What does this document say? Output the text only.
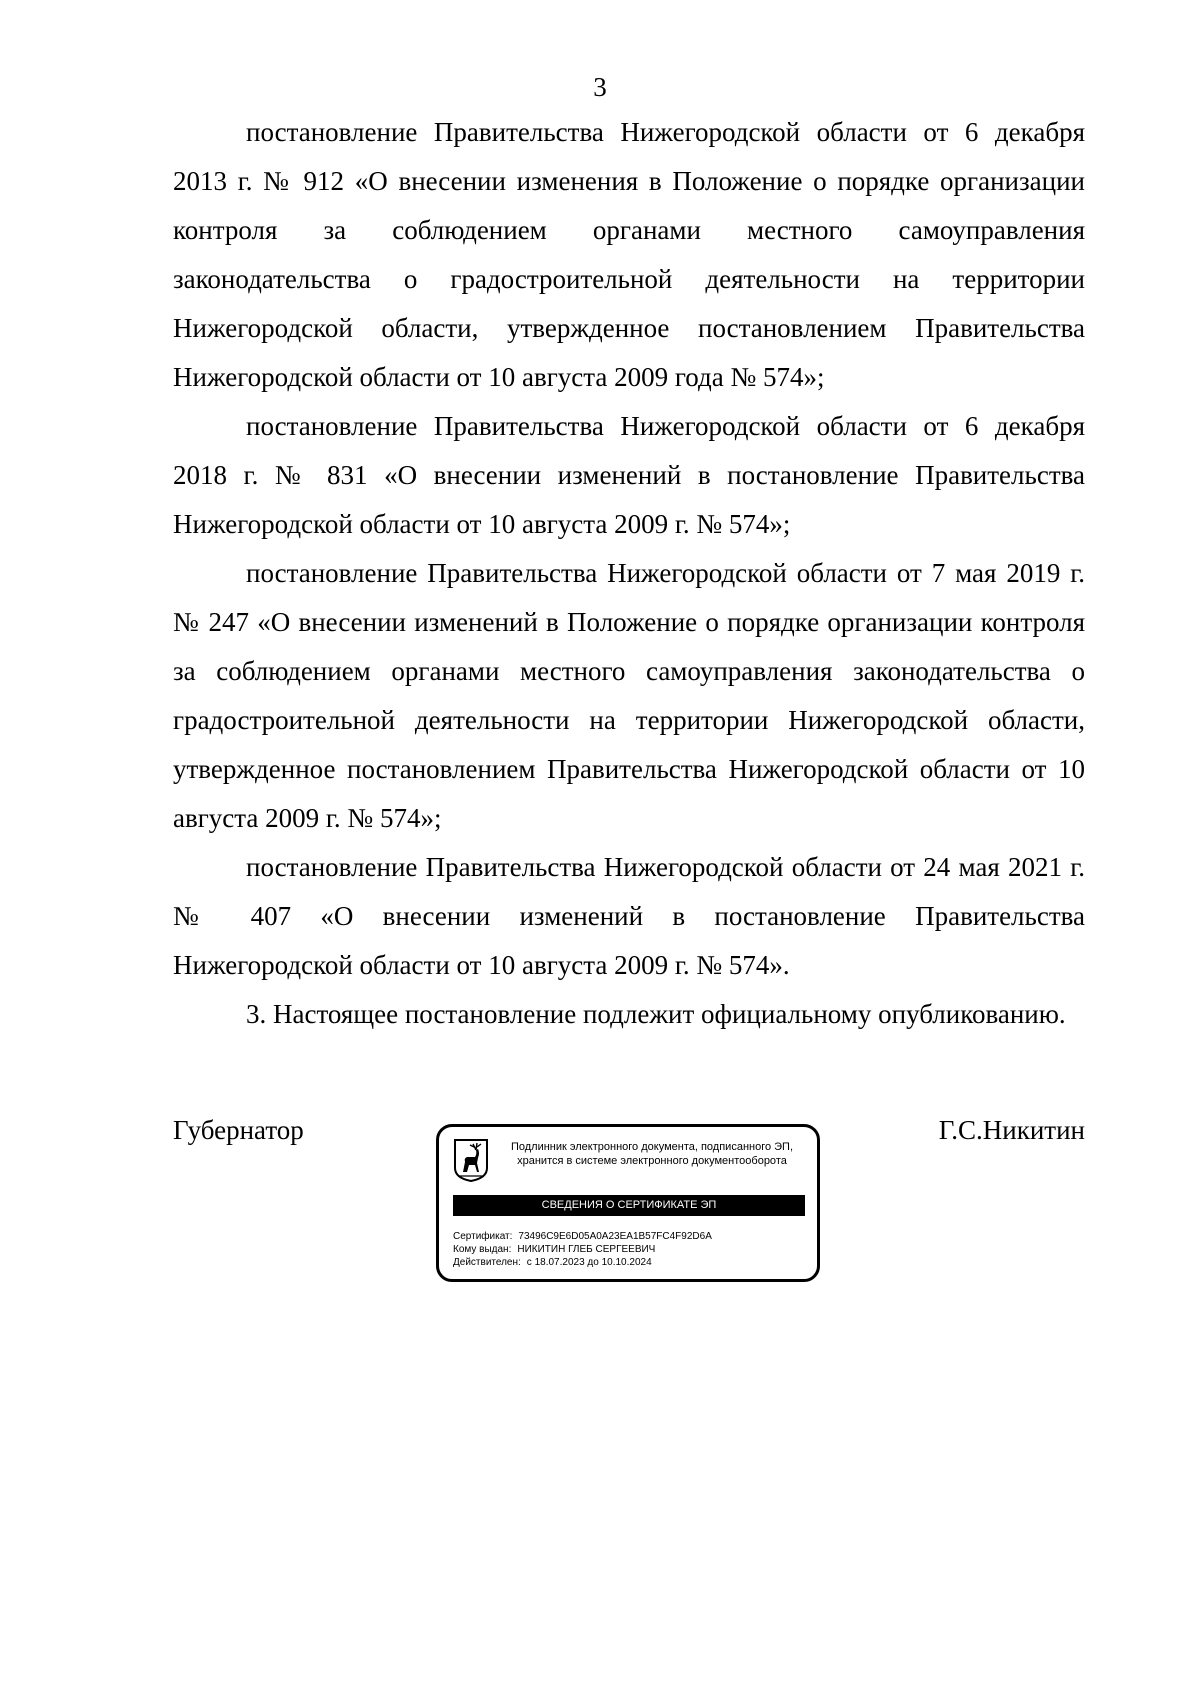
3

постановление Правительства Нижегородской области от 6 декабря 2013 г. № 912 «О внесении изменения в Положение о порядке организации контроля за соблюдением органами местного самоуправления законодательства о градостроительной деятельности на территории Нижегородской области, утвержденное постановлением Правительства Нижегородской области от 10 августа 2009 года № 574»;

постановление Правительства Нижегородской области от 6 декабря 2018 г. № 831 «О внесении изменений в постановление Правительства Нижегородской области от 10 августа 2009 г. № 574»;

постановление Правительства Нижегородской области от 7 мая 2019 г. № 247 «О внесении изменений в Положение о порядке организации контроля за соблюдением органами местного самоуправления законодательства о градостроительной деятельности на территории Нижегородской области, утвержденное постановлением Правительства Нижегородской области от 10 августа 2009 г. № 574»;

постановление Правительства Нижегородской области от 24 мая 2021 г. № 407 «О внесении изменений в постановление Правительства Нижегородской области от 10 августа 2009 г. № 574».

3. Настоящее постановление подлежит официальному опубликованию.

Губернатор	Г.С.Никитин
Подлинник электронного документа, подписанного ЭП,
хранится в системе электронного документооборота
СВЕДЕНИЯ О СЕРТИФИКАТЕ ЭП
Сертификат: 73496C9E6D05A0A23EA1B57FC4F92D6A
Кому выдан: НИКИТИН ГЛЕБ СЕРГЕЕВИЧ
Действителен: с 18.07.2023 до 10.10.2024
